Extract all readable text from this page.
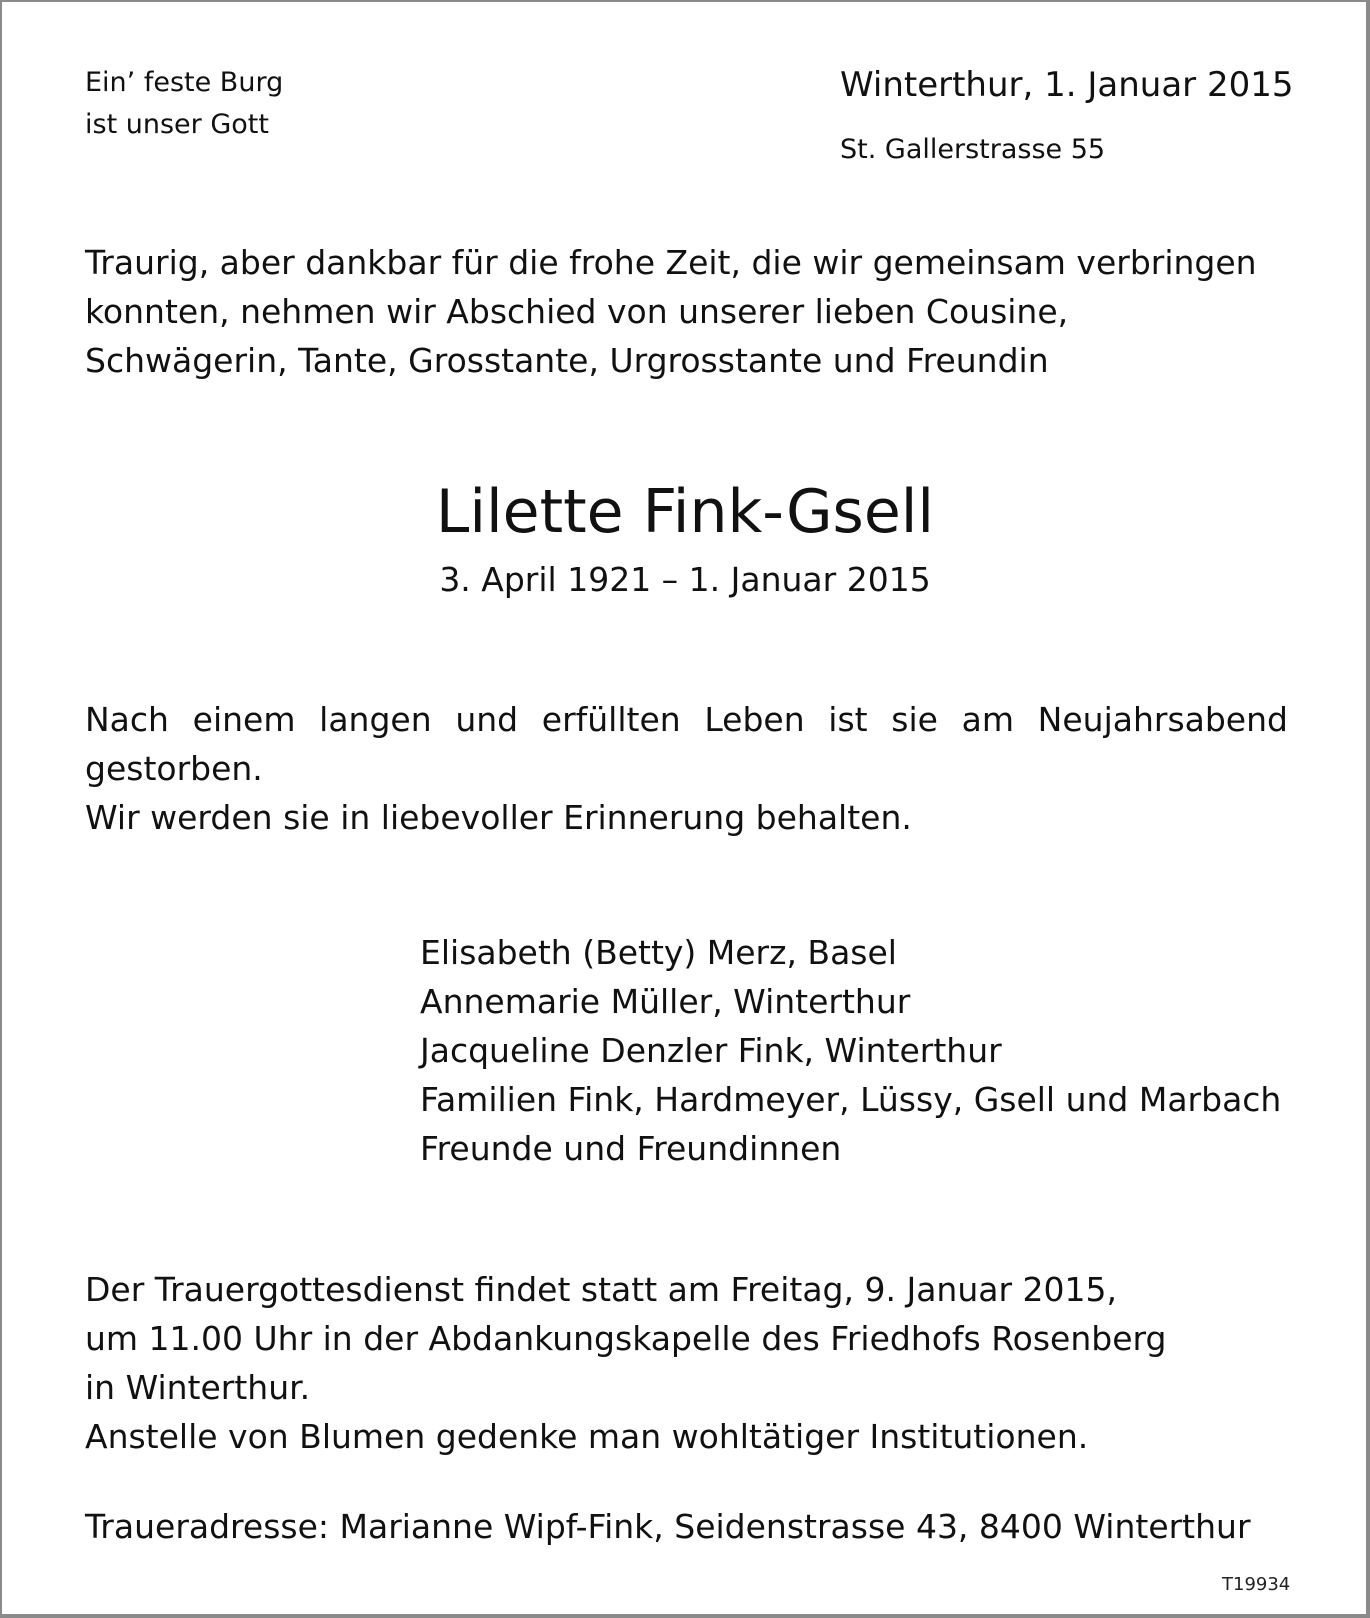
Ein’ feste Burg
ist unser Gott
Winterthur, 1. Januar 2015
St. Gallerstrasse 55
Traurig, aber dankbar für die frohe Zeit, die wir gemeinsam verbringen
konnten, nehmen wir Abschied von unserer lieben Cousine,
Schwägerin, Tante, Grosstante, Urgrosstante und Freundin
Lilette Fink-Gsell
3. April 1921 – 1. Januar 2015
Nach einem langen und erfüllten Leben ist sie am Neujahrsabend
gestorben.
Wir werden sie in liebevoller Erinnerung behalten.
Elisabeth (Betty) Merz, Basel
Annemarie Müller, Winterthur
Jacqueline Denzler Fink, Winterthur
Familien Fink, Hardmeyer, Lüssy, Gsell und Marbach
Freunde und Freundinnen
Der Trauergottesdienst findet statt am Freitag, 9. Januar 2015,
um 11.00 Uhr in der Abdankungskapelle des Friedhofs Rosenberg
in Winterthur.
Anstelle von Blumen gedenke man wohltätiger Institutionen.
Traueradresse: Marianne Wipf-Fink, Seidenstrasse 43, 8400 Winterthur
T19934
